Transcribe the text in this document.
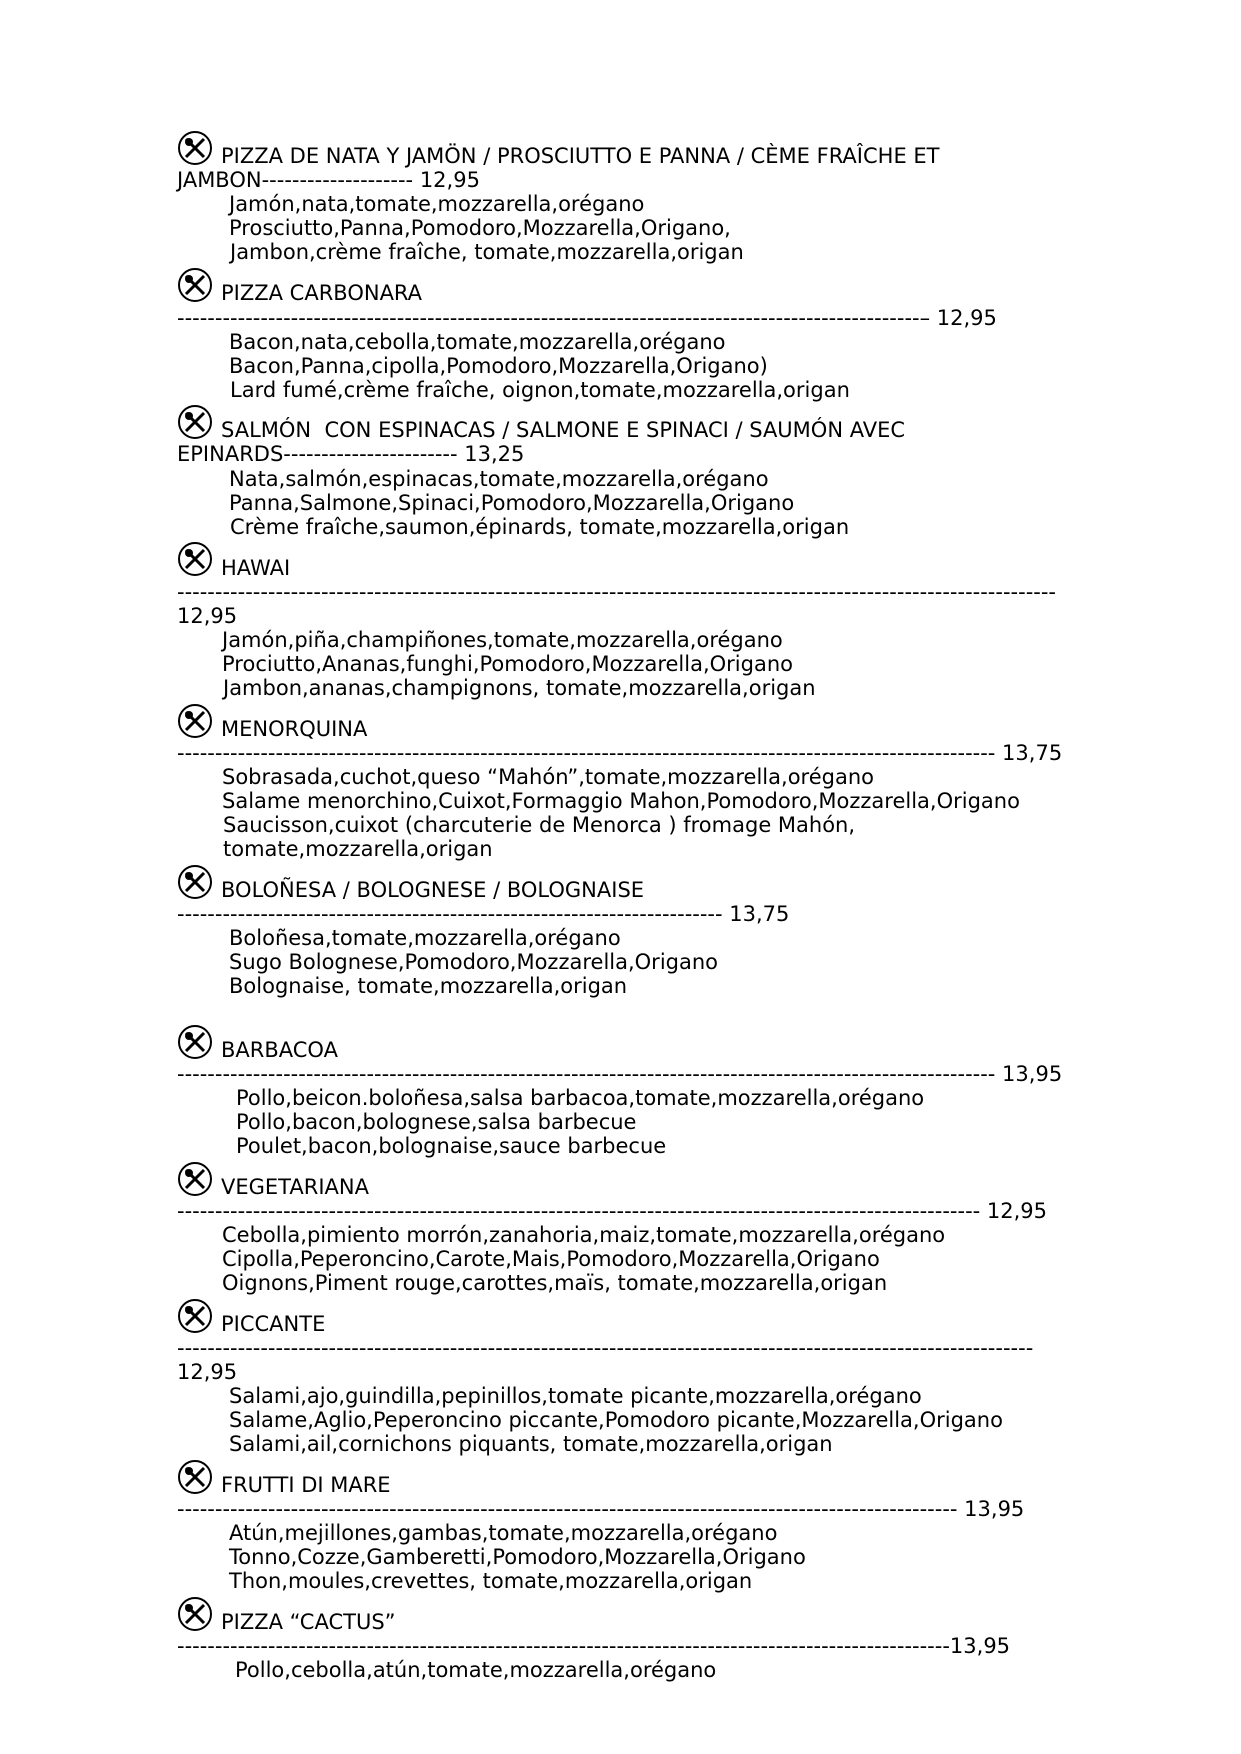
PIZZA DE NATA Y JAMÖN / PROSCIUTTO E PANNA / CÈME FRAÎCHE ET
JAMBON-------------------- 12,95
Jamón,nata,tomate,mozzarella,orégano
Prosciutto,Panna,Pomodoro,Mozzarella,Origano,
Jambon,crème fraîche, tomate,mozzarella,origan
PIZZA CARBONARA
--------------------------------------------------------------------------------------------------– 12,95
Bacon,nata,cebolla,tomate,mozzarella,orégano
Bacon,Panna,cipolla,Pomodoro,Mozzarella,Origano)
Lard fumé,crème fraîche, oignon,tomate,mozzarella,origan
SALMÓN  CON ESPINACAS / SALMONE E SPINACI / SAUMÓN AVEC
EPINARDS----------------------- 13,25
Nata,salmón,espinacas,tomate,mozzarella,orégano
Panna,Salmone,Spinaci,Pomodoro,Mozzarella,Origano
Crème fraîche,saumon,épinards, tomate,mozzarella,origan
HAWAI
--------------------------------------------------------------------------------------------------------------------
12,95
Jamón,piña,champiñones,tomate,mozzarella,orégano
Prociutto,Ananas,funghi,Pomodoro,Mozzarella,Origano
Jambon,ananas,champignons, tomate,mozzarella,origan
MENORQUINA
------------------------------------------------------------------------------------------------------------ 13,75
Sobrasada,cuchot,queso “Mahón”,tomate,mozzarella,orégano
Salame menorchino,Cuixot,Formaggio Mahon,Pomodoro,Mozzarella,Origano
Saucisson,cuixot (charcuterie de Menorca ) fromage Mahón,
tomate,mozzarella,origan
BOLOÑESA / BOLOGNESE / BOLOGNAISE
------------------------------------------------------------------------ 13,75
Boloñesa,tomate,mozzarella,orégano
Sugo Bolognese,Pomodoro,Mozzarella,Origano
Bolognaise, tomate,mozzarella,origan
BARBACOA
------------------------------------------------------------------------------------------------------------ 13,95
Pollo,beicon.boloñesa,salsa barbacoa,tomate,mozzarella,orégano
Pollo,bacon,bolognese,salsa barbecue
Poulet,bacon,bolognaise,sauce barbecue
VEGETARIANA
---------------------------------------------------------------------------------------------------------- 12,95
Cebolla,pimiento morrón,zanahoria,maiz,tomate,mozzarella,orégano
Cipolla,Peperoncino,Carote,Mais,Pomodoro,Mozzarella,Origano
Oignons,Piment rouge,carottes,maïs, tomate,mozzarella,origan
PICCANTE
-----------------------------------------------------------------------------------------------------------------
12,95
Salami,ajo,guindilla,pepinillos,tomate picante,mozzarella,orégano
Salame,Aglio,Peperoncino piccante,Pomodoro picante,Mozzarella,Origano
Salami,ail,cornichons piquants, tomate,mozzarella,origan
FRUTTI DI MARE
------------------------------------------------------------------------------------------------------- 13,95
Atún,mejillones,gambas,tomate,mozzarella,orégano
Tonno,Cozze,Gamberetti,Pomodoro,Mozzarella,Origano
Thon,moules,crevettes, tomate,mozzarella,origan
PIZZA “CACTUS”
------------------------------------------------------------------------------------------------------13,95
Pollo,cebolla,atún,tomate,mozzarella,orégano
